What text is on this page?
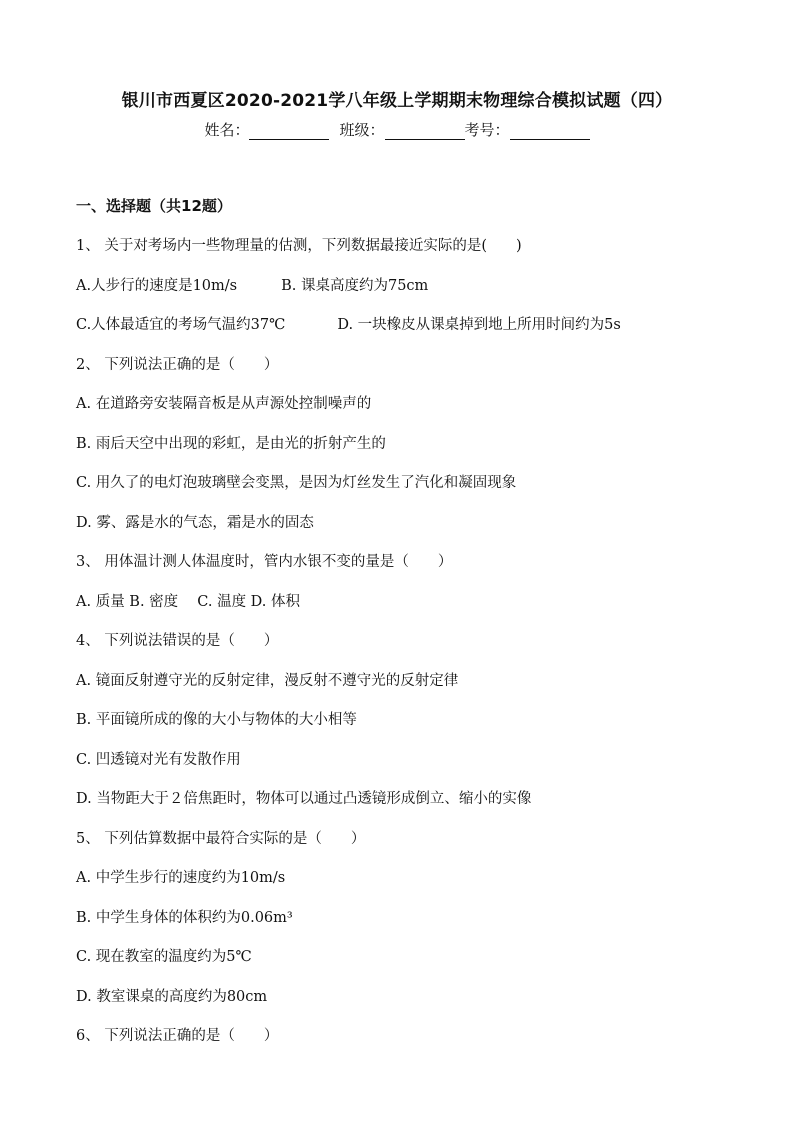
银川市西夏区2020-2021学八年级上学期期末物理综合模拟试题（四）
姓名：	班级：	考号：
一、选择题（共12题）
1、 关于对考场内一些物理量的估测，下列数据最接近实际的是(　　)
A.人步行的速度是10m/s	B. 课桌高度约为75cm
C.人体最适宜的考场气温约37℃	D. 一块橡皮从课桌掉到地上所用时间约为5s
2、 下列说法正确的是（　　）
A. 在道路旁安装隔音板是从声源处控制噪声的
B. 雨后天空中出现的彩虹，是由光的折射产生的
C. 用久了的电灯泡玻璃壁会变黑，是因为灯丝发生了汽化和凝固现象
D. 雾、露是水的气态，霜是水的固态
3、 用体温计测人体温度时，管内水银不变的量是（　　）
A. 质量 B. 密度　 C. 温度 D. 体积
4、 下列说法错误的是（　　）
A. 镜面反射遵守光的反射定律，漫反射不遵守光的反射定律
B. 平面镜所成的像的大小与物体的大小相等
C. 凹透镜对光有发散作用
D. 当物距大于２倍焦距时，物体可以通过凸透镜形成倒立、缩小的实像
5、 下列估算数据中最符合实际的是（　　）
A. 中学生步行的速度约为10m/s
B. 中学生身体的体积约为0.06m³
C. 现在教室的温度约为5℃
D. 教室课桌的高度约为80cm
6、 下列说法正确的是（　　）
